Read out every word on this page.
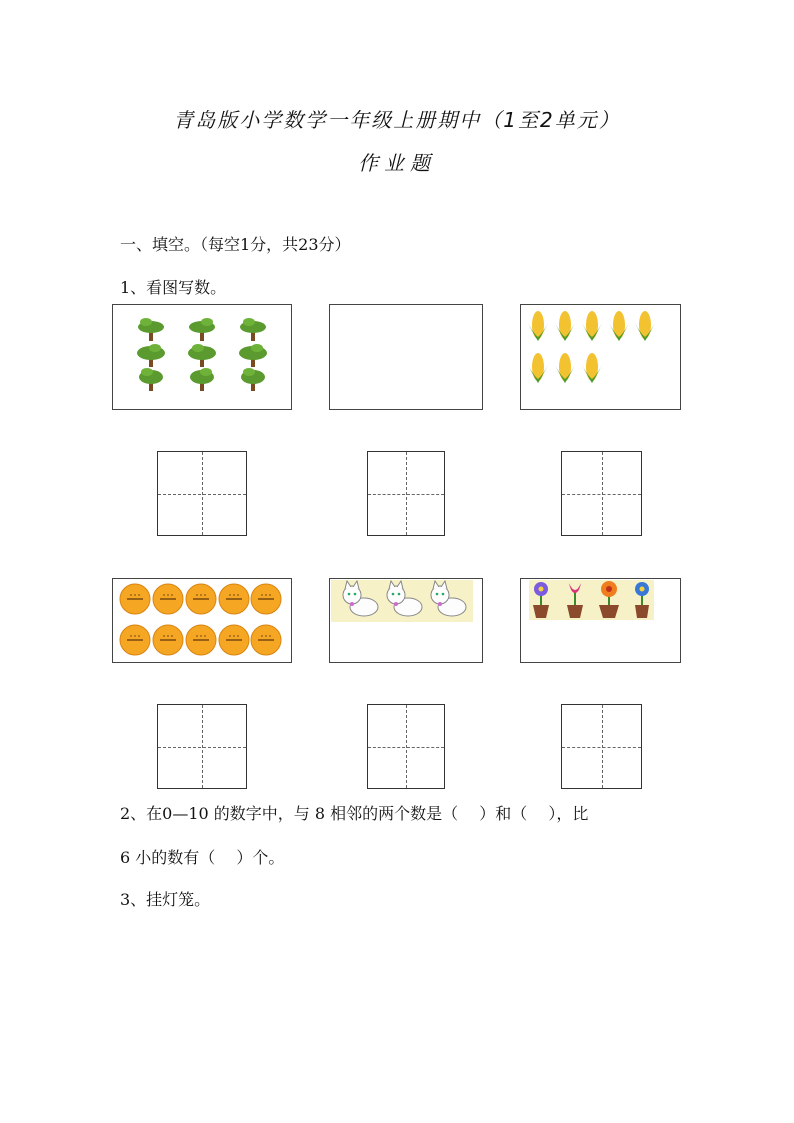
青岛版小学数学一年级上册期中（1至2单元）
作业题
一、填空。（每空1分，共23分）
1、看图写数。
2、在0—10 的数字中，与 8 相邻的两个数是（　 ）和（　 ），比
6 小的数有（　 ）个。
3、挂灯笼。
